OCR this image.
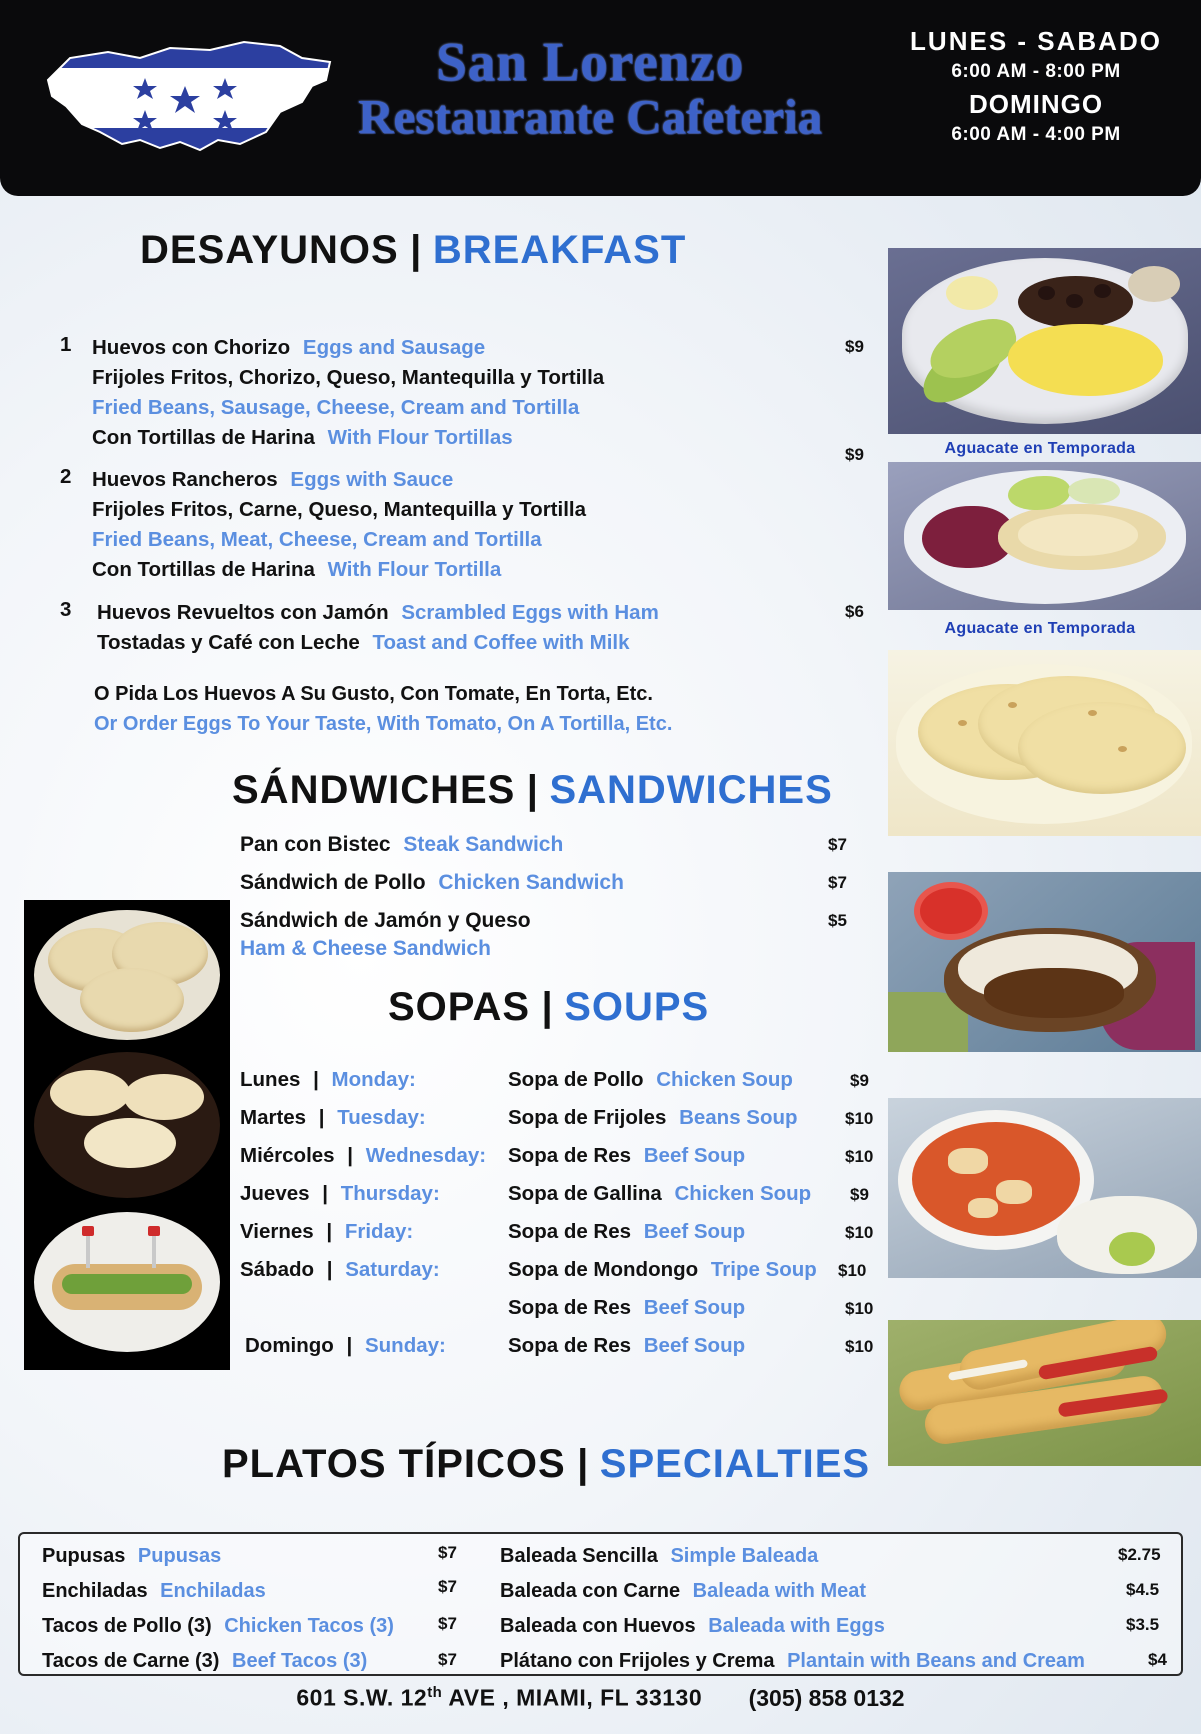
San Lorenzo
Restaurante Cafeteria
LUNES - SABADO
6:00 AM - 8:00 PM
DOMINGO
6:00 AM - 4:00 PM
DESAYUNOS | BREAKFAST
1 Huevos con Chorizo Eggs and Sausage
Frijoles Fritos, Chorizo, Queso, Mantequilla y Tortilla
Fried Beans, Sausage, Cheese, Cream and Tortilla
Con Tortillas de Harina With Flour Tortillas
$9
2 Huevos Rancheros Eggs with Sauce
Frijoles Fritos, Carne, Queso, Mantequilla y Tortilla
Fried Beans, Meat, Cheese, Cream and Tortilla
Con Tortillas de Harina With Flour Tortilla
$9
3 Huevos Revueltos con Jamón Scrambled Eggs with Ham
Tostadas y Café con Leche Toast and Coffee with Milk
$6
O Pida Los Huevos A Su Gusto, Con Tomate, En Torta, Etc.
Or Order Eggs To Your Taste, With Tomato, On A Tortilla, Etc.
SÁNDWICHES | SANDWICHES
Pan con Bistec Steak Sandwich	$7
Sándwich de Pollo Chicken Sandwich	$7
Sándwich de Jamón y Queso
Ham & Cheese Sandwich
$5
SOPAS | SOUPS
Lunes | Monday:	Sopa de Pollo Chicken Soup	$9
Martes | Tuesday:	Sopa de Frijoles Beans Soup	$10
Miércoles | Wednesday: Sopa de Res Beef Soup	$10
Jueves | Thursday:	Sopa de Gallina Chicken Soup $9
Viernes | Friday:	Sopa de Res Beef Soup	$10
Sábado | Saturday:	Sopa de Mondongo Tripe Soup $10
Sopa de Res Beef Soup	$10
Domingo | Sunday:	Sopa de Res Beef Soup	$10
PLATOS TÍPICOS | SPECIALTIES
Pupusas Pupusas	$7
Enchiladas Enchiladas	$7
Tacos de Pollo (3) Chicken Tacos (3)	$7
Tacos de Carne (3) Beef Tacos (3)	$7
Baleada Sencilla Simple Baleada	$2.75
Baleada con Carne Baleada with Meat	$4.5
Baleada con Huevos Baleada with Eggs	$3.5
Plátano con Frijoles y Crema Plantain with Beans and Cream	$4
Aguacate en Temporada
Aguacate en Temporada
601 S.W. 12th AVE , MIAMI, FL 33130 (305) 858 0132
